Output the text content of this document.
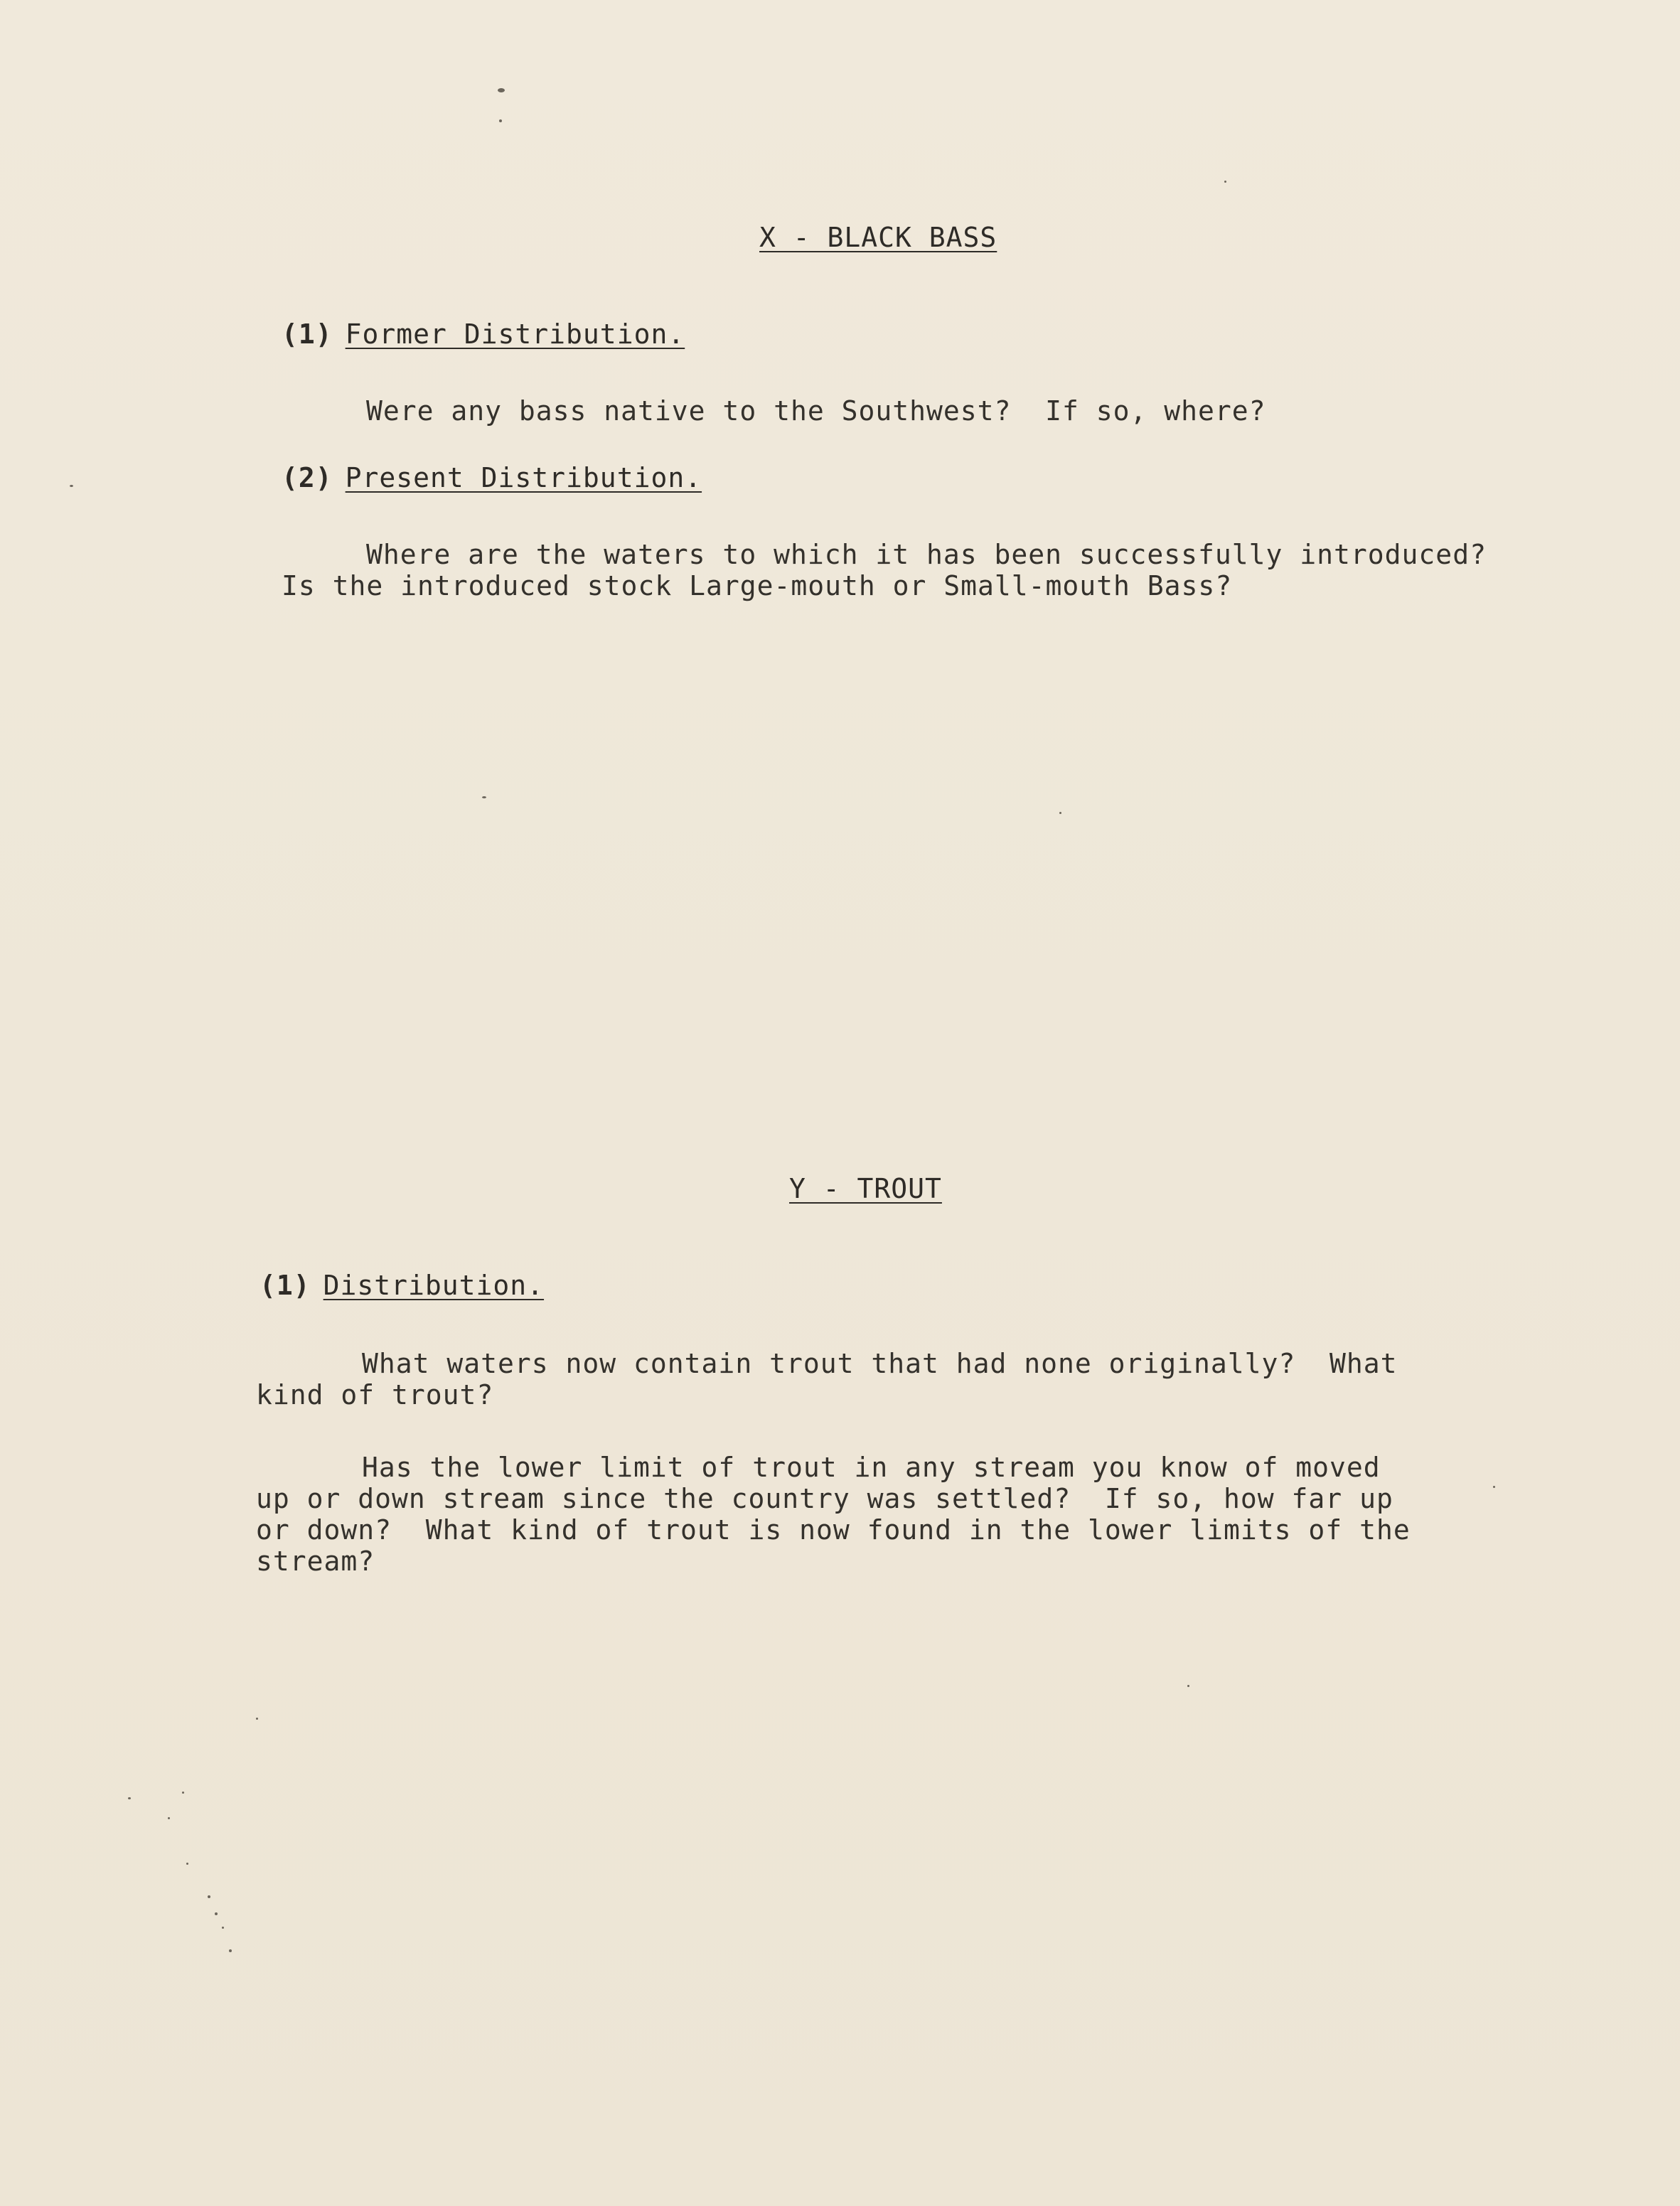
X - BLACK BASS
(1) Former Distribution.
Were any bass native to the Southwest?  If so, where?
(2) Present Distribution.
Where are the waters to which it has been successfully introduced?
Is the introduced stock Large-mouth or Small-mouth Bass?
Y - TROUT
(1) Distribution.
What waters now contain trout that had none originally?  What
kind of trout?
Has the lower limit of trout in any stream you know of moved
up or down stream since the country was settled?  If so, how far up
or down?  What kind of trout is now found in the lower limits of the
stream?
